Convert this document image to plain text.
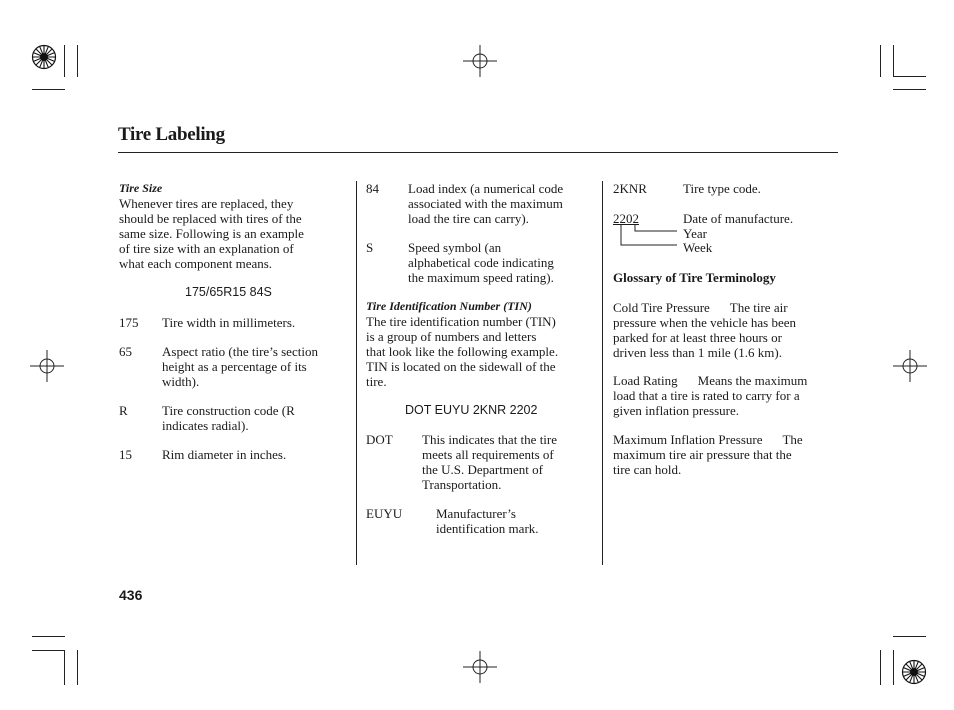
Tire Labeling
Tire Size
Whenever tires are replaced, they
should be replaced with tires of the
same size. Following is an example
of tire size with an explanation of
what each component means.
175/65R15 84S
175 Tire width in millimeters.
65 Aspect ratio (the tire’s section
height as a percentage of its
width).
R	Tire construction code (R
indicates radial).
15 Rim diameter in inches.
84 Load index (a numerical code
associated with the maximum
load the tire can carry).
S	Speed symbol (an
alphabetical code indicating
the maximum speed rating).
Tire Identification Number (TIN)
The tire identification number (TIN)
is a group of numbers and letters
that look like the following example.
TIN is located on the sidewall of the
tire.
DOT EUYU 2KNR 2202
DOT This indicates that the tire
meets all requirements of
the U.S. Department of
Transportation.
EUYU	Manufacturer’s
identification mark.
2KNR	Tire type code.
2202	Date of manufacture.
Year
Week
Glossary of Tire Terminology
Cold Tire Pressure The tire air
pressure when the vehicle has been
parked for at least three hours or
driven less than 1 mile (1.6 km).
Load Rating Means the maximum
load that a tire is rated to carry for a
given inflation pressure.
Maximum Inflation Pressure The
maximum tire air pressure that the
tire can hold.
436
